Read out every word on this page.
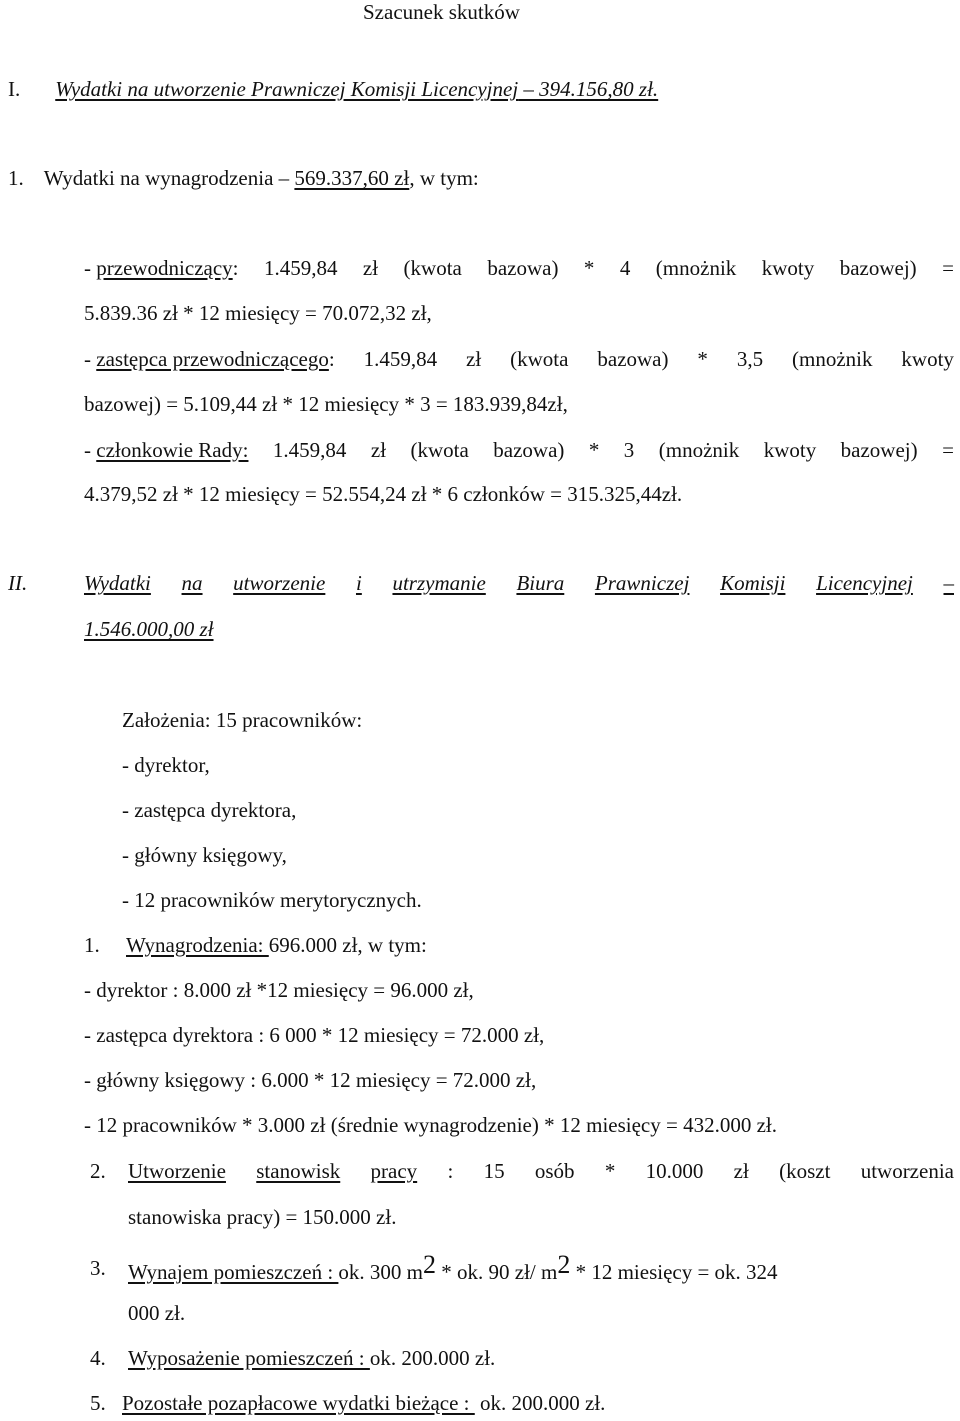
Szacunek skutków
I. Wydatki na utworzenie Prawniczej Komisji Licencyjnej – 394.156,80 zł.
1. Wydatki na wynagrodzenia – 569.337,60 zł, w tym:
- przewodniczący: 1.459,84 zł (kwota bazowa) * 4 (mnożnik kwoty bazowej) =
5.839.36 zł * 12 miesięcy = 70.072,32 zł,
- zastępca przewodniczącego: 1.459,84 zł (kwota bazowa) * 3,5 (mnożnik kwoty
bazowej) = 5.109,44 zł * 12 miesięcy * 3 = 183.939,84zł,
- członkowie Rady: 1.459,84 zł (kwota bazowa) * 3 (mnożnik kwoty bazowej) =
4.379,52 zł * 12 miesięcy = 52.554,24 zł * 6 członków = 315.325,44zł.
II.	Wydatki na utworzenie i utrzymanie Biura Prawniczej Komisji Licencyjnej –
1.546.000,00 zł
Założenia: 15 pracowników:
- dyrektor,
- zastępca dyrektora,
- główny księgowy,
- 12 pracowników merytorycznych.
1. Wynagrodzenia: 696.000 zł, w tym:
- dyrektor : 8.000 zł *12 miesięcy = 96.000 zł,
- zastępca dyrektora : 6 000 * 12 miesięcy = 72.000 zł,
- główny księgowy : 6.000 * 12 miesięcy = 72.000 zł,
- 12 pracowników * 3.000 zł (średnie wynagrodzenie) * 12 miesięcy = 432.000 zł.
2. Utworzenie stanowisk pracy : 15 osób * 10.000 zł (koszt utworzenia
stanowiska pracy) = 150.000 zł.
3. Wynajem pomieszczeń : ok. 300 $m^2$ * ok. 90 zł/ $m^2 * 12$ miesięcy = ok. 324
000 zł.
4. Wyposażenie pomieszczeń : ok. 200.000 zł.
5. Pozostałe pozapłacowe wydatki bieżące :  ok. 200.000 zł.
